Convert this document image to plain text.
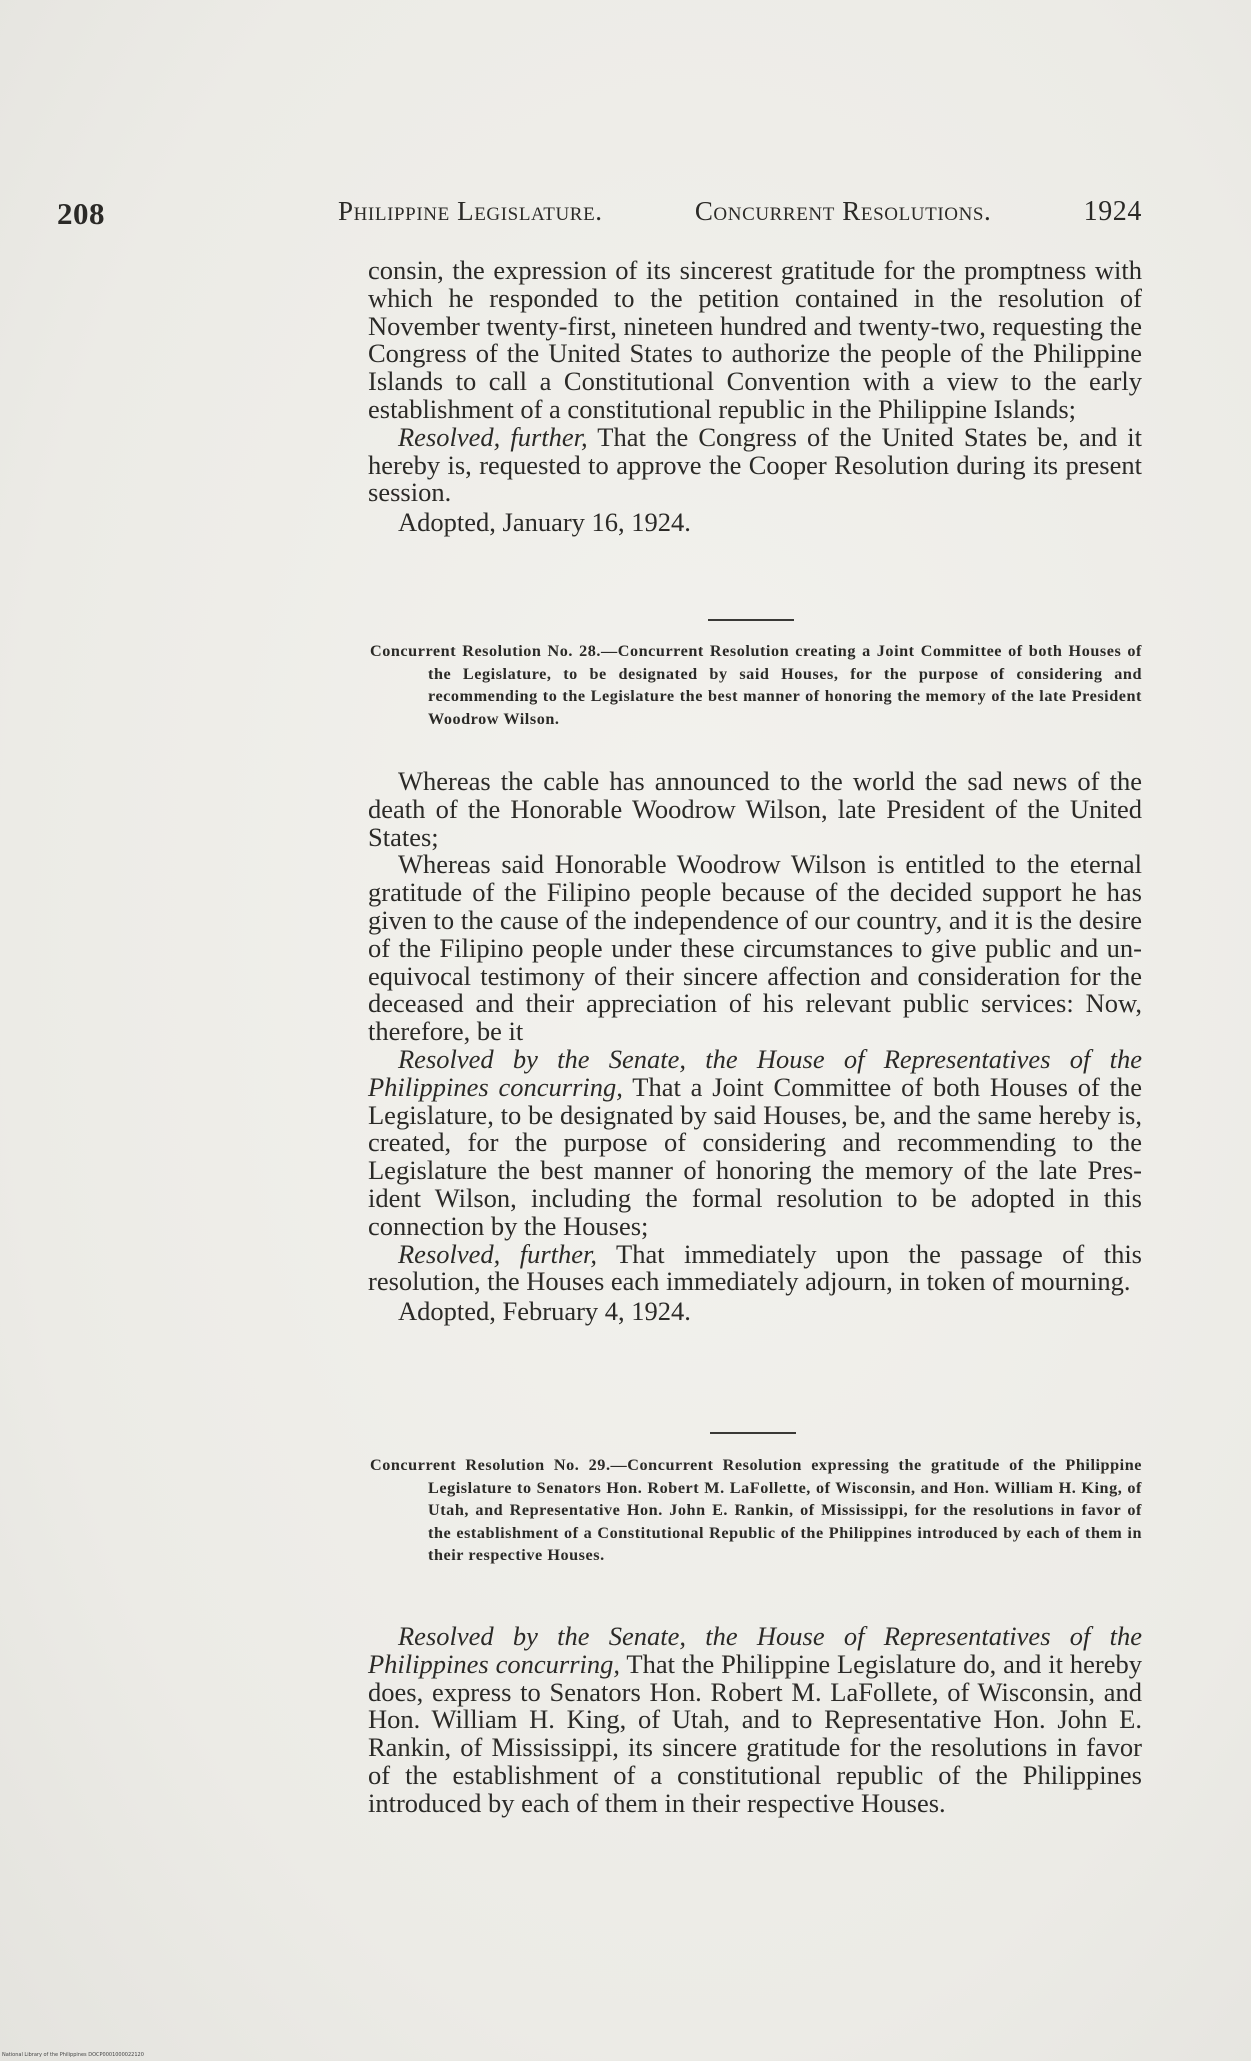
208	Philippine Legislature.	Concurrent Resolutions.	1924

consin, the expression of its sincerest gratitude for the promptness with which he responded to the petition contained in the resolution of November twenty-first, nineteen hundred and twenty-two, requesting the Congress of the United States to authorize the people of the Philippine Islands to call a Constitutional Convention with a view to the early establishment of a constitutional republic in the Philippine Islands;

Resolved, further, That the Congress of the United States be, and it hereby is, requested to approve the Cooper Resolution during its present session.

Adopted, January 16, 1924.

Concurrent Resolution No. 28.—Concurrent Resolution creating a Joint Committee of both Houses of the Legislature, to be designated by said Houses, for the purpose of considering and recommending to the Legislature the best manner of honoring the memory of the late President Woodrow Wilson.

Whereas the cable has announced to the world the sad news of the death of the Honorable Woodrow Wilson, late President of the United States;

Whereas said Honorable Woodrow Wilson is entitled to the eternal gratitude of the Filipino people because of the decided support he has given to the cause of the independence of our country, and it is the desire of the Filipino people under these circumstances to give public and unequivocal testimony of their sincere affection and consideration for the deceased and their appreciation of his relevant public services: Now, therefore, be it

Resolved by the Senate, the House of Representatives of the Philippines concurring, That a Joint Committee of both Houses of the Legislature, to be designated by said Houses, be, and the same hereby is, created, for the purpose of considering and recommending to the Legislature the best manner of honoring the memory of the late President Wilson, including the formal resolution to be adopted in this connection by the Houses;

Resolved, further, That immediately upon the passage of this resolution, the Houses each immediately adjourn, in token of mourning.

Adopted, February 4, 1924.

Concurrent Resolution No. 29.—Concurrent Resolution expressing the gratitude of the Philippine Legislature to Senators Hon. Robert M. LaFollette, of Wisconsin, and Hon. William H. King, of Utah, and Representative Hon. John E. Rankin, of Mississippi, for the resolutions in favor of the establishment of a Constitutional Republic of the Philippines introduced by each of them in their respective Houses.

Resolved by the Senate, the House of Representatives of the Philippines concurring, That the Philippine Legislature do, and it hereby does, express to Senators Hon. Robert M. LaFollete, of Wisconsin, and Hon. William H. King, of Utah, and to Representative Hon. John E. Rankin, of Mississippi, its sincere gratitude for the resolutions in favor of the establishment of a constitutional republic of the Philippines introduced by each of them in their respective Houses.

National Library of the Philippines DOCP0001000022120
